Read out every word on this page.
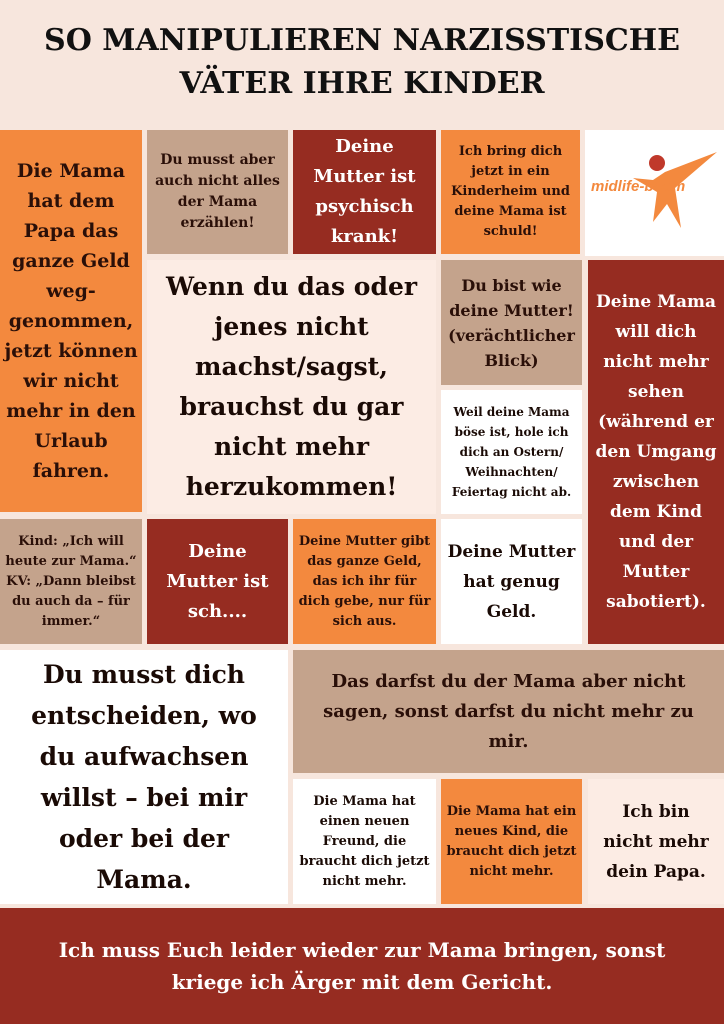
SO MANIPULIEREN NARZISSTISCHE VÄTER IHRE KINDER
Die Mama hat dem Papa das ganze Geld weg-genommen, jetzt können wir nicht mehr in den Urlaub fahren.
Du musst aber auch nicht alles der Mama erzählen!
Deine Mutter ist psychisch krank!
Ich bring dich jetzt in ein Kinderheim und deine Mama ist schuld!
midlife-boom
Wenn du das oder jenes nicht machst/sagst, brauchst du gar nicht mehr herzukommen!
Du bist wie deine Mutter! (verächtlicher Blick)
Deine Mama will dich nicht mehr sehen (während er den Umgang zwischen dem Kind und der Mutter sabotiert).
Weil deine Mama böse ist, hole ich dich an Ostern/ Weihnachten/ Feiertag nicht ab.
Kind: „Ich will heute zur Mama.“ KV: „Dann bleibst du auch da – für immer.“
Deine Mutter ist sch....
Deine Mutter gibt das ganze Geld, das ich ihr für dich gebe, nur für sich aus.
Deine Mutter hat genug Geld.
Du musst dich entscheiden, wo du aufwachsen willst – bei mir oder bei der Mama.
Das darfst du der Mama aber nicht sagen, sonst darfst du nicht mehr zu mir.
Die Mama hat einen neuen Freund, die braucht dich jetzt nicht mehr.
Die Mama hat ein neues Kind, die braucht dich jetzt nicht mehr.
Ich bin nicht mehr dein Papa.
Ich muss Euch leider wieder zur Mama bringen, sonst kriege ich Ärger mit dem Gericht.
